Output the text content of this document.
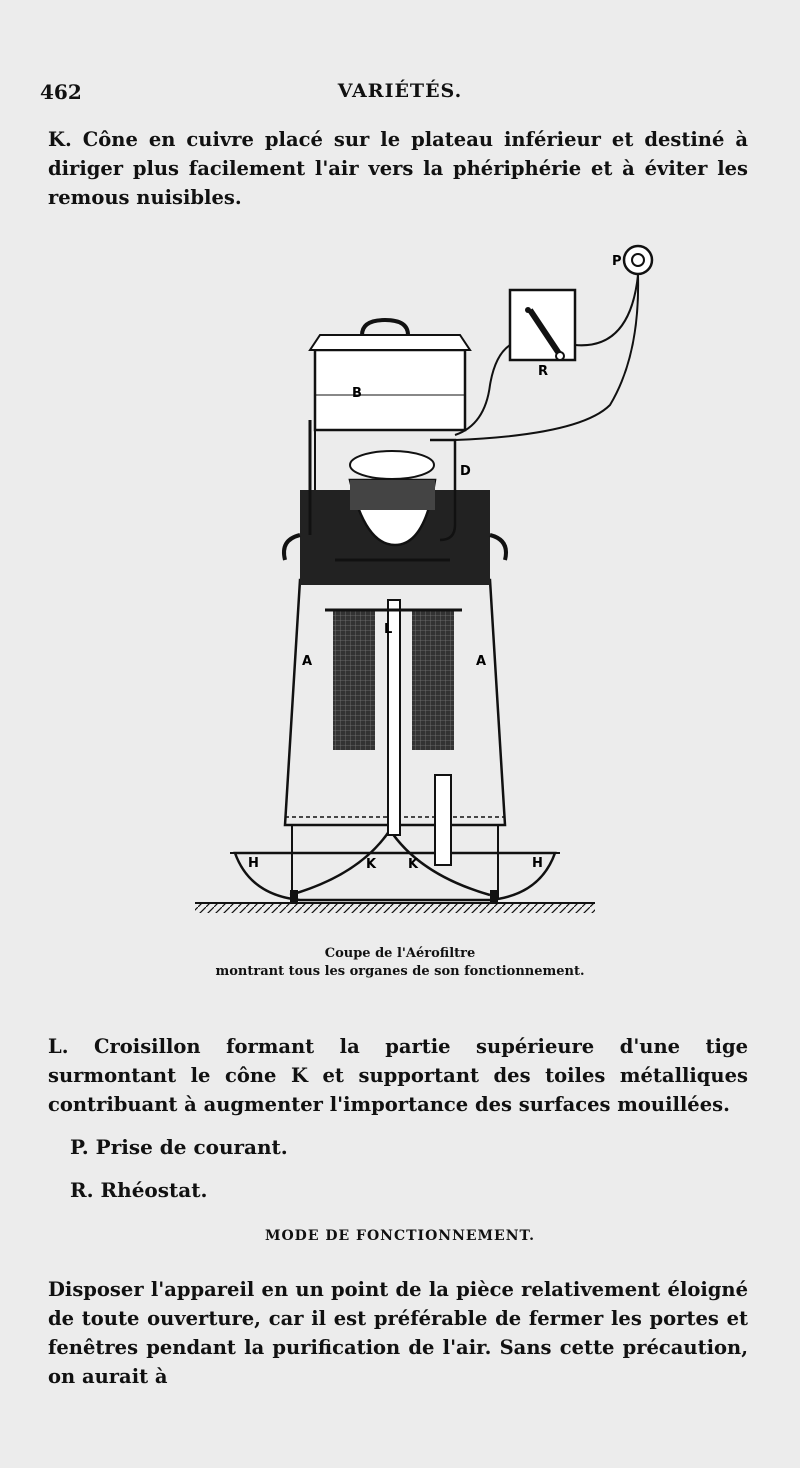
462	VARIÉTÉS.

K. Cône en cuivre placé sur le plateau inférieur et destiné à diriger plus facilement l'air vers la phériphérie et à éviter les remous nuisibles.

P
B
R
D
A	A
L
H	K K	H
Coupe de l'Aérofiltre
montrant tous les organes de son fonctionnement.

L. Croisillon formant la partie supérieure d'une tige surmontant le cône K et supportant des toiles métalliques contribuant à augmenter l'importance des surfaces mouillées.

P. Prise de courant.
R. Rhéostat.
MODE DE FONCTIONNEMENT.

Disposer l'appareil en un point de la pièce relativement éloigné de toute ouverture, car il est préférable de fermer les portes et fenêtres pendant la purification de l'air. Sans cette précaution, on aurait à
